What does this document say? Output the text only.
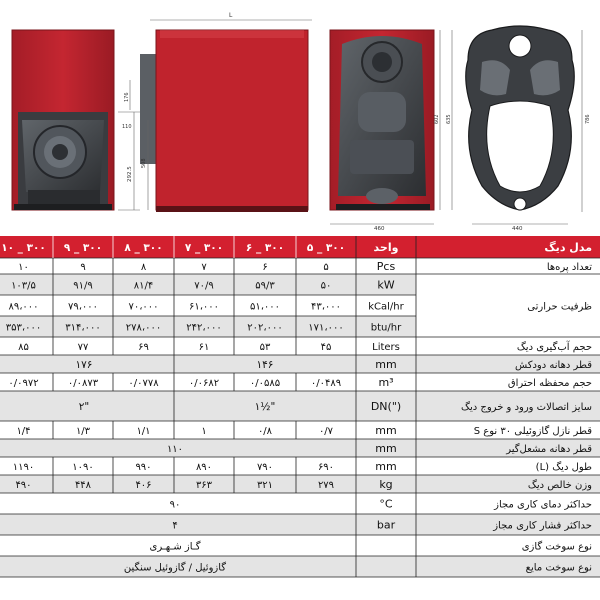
292.5
L
176
110
508
460
602 635
440
786
۳۰۰ _ ۵
۳۰۰ _ ۶
۳۰۰ _ ۷
۳۰۰ _ ۸
۳۰۰ _ ۹
۳۰۰ _ ۱۰	واحد	مدل دیگ
تعداد پره‌ها
Pcs
۵
۶
۷
۸
۹
۱۰
ظرفیت حرارتی
kW
۵۰
۵۹/۳
۷۰/۹
۸۱/۴
۹۱/۹
۱۰۳/۵
kCal/hr
۴۳،۰۰۰
۵۱،۰۰۰
۶۱،۰۰۰
۷۰،۰۰۰
۷۹،۰۰۰
۸۹،۰۰۰
btu/hr
۱۷۱،۰۰۰
۲۰۲،۰۰۰
۲۴۲،۰۰۰
۲۷۸،۰۰۰
۳۱۴،۰۰۰
۳۵۳،۰۰۰
حجم آب‌گیری دیگ
Liters
۴۵
۵۳
۶۱
۶۹
۷۷
۸۵
قطر دهانه دودکش
mm
۱۴۶
۱۷۶
حجم محفظه احتراق
m³
۰/۰۴۸۹
۰/۰۵۸۵
۰/۰۶۸۲
۰/۰۷۷۸
۰/۰۸۷۳
۰/۰۹۷۲
سایز اتصالات ورود و خروج دیگ
DN(")
۱½"
۲"
قطر نازل گازوئیلی ۳۰ نوع S
mm
۰/۷
۰/۸
۱
۱/۱
۱/۳
۱/۴
قطر دهانه مشعل‌گیر
mm
۱۱۰
طول دیگ (L)
mm
۶۹۰
۷۹۰
۸۹۰
۹۹۰
۱۰۹۰
۱۱۹۰
وزن خالص دیگ
kg
۲۷۹
۳۲۱
۳۶۳
۴۰۶
۴۴۸
۴۹۰
حداکثر دمای کاری مجاز
°C
۹۰
حداکثر فشار کاری مجاز
bar
۴
نوع سوخت گازی
گـاز شـهـری
نوع سوخت مایع
گازوئیل / گازوئیل سنگین
